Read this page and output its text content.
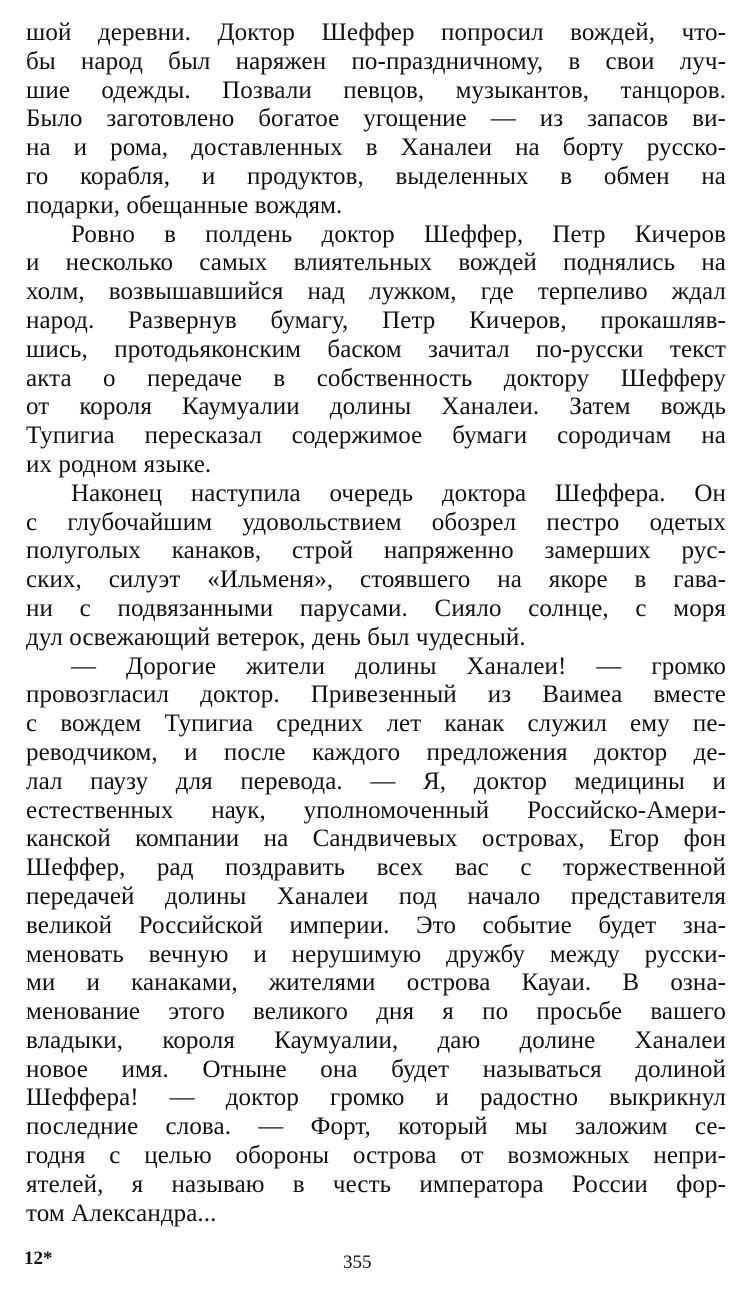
шой деревни. Доктор Шеффер попросил вождей, что-
бы народ был наряжен по-праздничному, в свои луч-
шие одежды. Позвали певцов, музыкантов, танцоров.
Было заготовлено богатое угощение — из запасов ви-
на и рома, доставленных в Ханалеи на борту русско-
го корабля, и продуктов, выделенных в обмен на
подарки, обещанные вождям.
Ровно в полдень доктор Шеффер, Петр Кичеров
и несколько самых влиятельных вождей поднялись на
холм, возвышавшийся над лужком, где терпеливо ждал
народ. Развернув бумагу, Петр Кичеров, прокашляв-
шись, протодьяконским баском зачитал по-русски текст
акта о передаче в собственность доктору Шефферу
от короля Каумуалии долины Ханалеи. Затем вождь
Тупигиа пересказал содержимое бумаги сородичам на
их родном языке.
Наконец наступила очередь доктора Шеффера. Он
с глубочайшим удовольствием обозрел пестро одетых
полуголых канаков, строй напряженно замерших рус-
ских, силуэт «Ильменя», стоявшего на якоре в гава-
ни с подвязанными парусами. Сияло солнце, с моря
дул освежающий ветерок, день был чудесный.
— Дорогие жители долины Ханалеи! — громко
провозгласил доктор. Привезенный из Ваимеа вместе
с вождем Тупигиа средних лет канак служил ему пе-
реводчиком, и после каждого предложения доктор де-
лал паузу для перевода. — Я, доктор медицины и
естественных наук, уполномоченный Российско-Амери-
канской компании на Сандвичевых островах, Егор фон
Шеффер, рад поздравить всех вас с торжественной
передачей долины Ханалеи под начало представителя
великой Российской империи. Это событие будет зна-
меновать вечную и нерушимую дружбу между русски-
ми и канаками, жителями острова Кауаи. В озна-
менование этого великого дня я по просьбе вашего
владыки, короля Каумуалии, даю долине Ханалеи
новое имя. Отныне она будет называться долиной
Шеффера! — доктор громко и радостно выкрикнул
последние слова. — Форт, который мы заложим се-
годня с целью обороны острова от возможных непри-
ятелей, я называю в честь императора России фор-
том Александра...
12*	355
